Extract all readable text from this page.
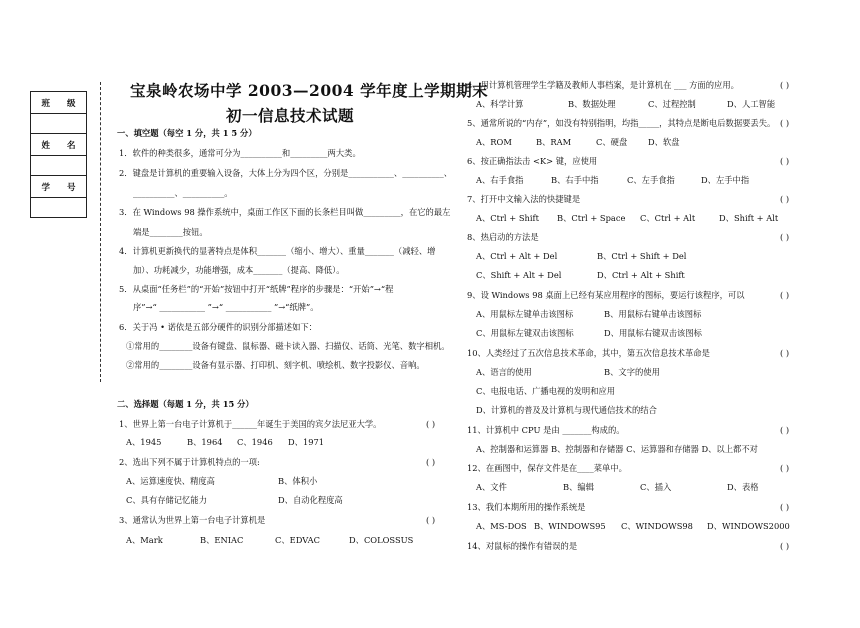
班　　级

姓　　名

学　　号

宝泉岭农场中学 2003—2004 学年度上学期期末
初一信息技术试题
一、填空题（每空 1 分，共 1 5 分）
1．软件的种类很多，通常可分为__________和_________两大类。
2．键盘是计算机的重要输入设备，大体上分为四个区，分别是___________、__________、
__________、__________。
3．在 Windows 98 操作系统中，桌面工作区下面的长条栏目叫做_________，在它的最左
端是________按钮。
4．计算机更新换代的显著特点是体积_______（缩小、增大）、重量_______（减轻、增
加）、功耗减少，功能增强，成本_______（提高、降低）。
5．从桌面“任务栏”的“开始”按钮中打开“纸牌”程序的步骤是：“开始”→“程
序”→“ ___________ ”→“ ___________ ”→“纸牌”。
6．关于冯 • 诺依是五部分硬件的识别分部描述如下：
①常用的________设备有键盘、鼠标器、磁卡读入器、扫描仪、话筒、光笔、数字相机。
②常用的________设备有显示器、打印机、刻字机、喷绘机、数字投影仪、音响。
二、选择题（每题 1 分，共 15 分）
1、世界上第一台电子计算机于______年诞生于美国的宾夕法尼亚大学。	( )
A、1945	B、1964 C、1946 D、1971
2、选出下列不属于计算机特点的一项:	( )
A、运算速度快、精度高	B、体积小
C、具有存储记忆能力	D、自动化程度高
3、通常认为世界上第一台电子计算机是	( )
A、Mark	B、ENIAC	C、EDVAC	D、COLOSSUS
4、用计算机管理学生学籍及教师人事档案，是计算机在 ___ 方面的应用。	( )
A、科学计算	B、数据处理	C、过程控制	D、人工智能
5、通常所说的“内存”，如没有特别指明，均指_____，其特点是断电后数据要丢失。 ( )
A、ROM	B、RAM	C、硬盘	D、软盘
6、按正确指法击 <K> 键，应使用	( )
A、右手食指	B、右手中指	C、左手食指	D、左手中指
7、打开中文输入法的快捷键是	( )
A、Ctrl + Shift B、Ctrl + Space C、Ctrl + Alt	D、Shift + Alt
8、热启动的方法是	( )
A、Ctrl + Alt + Del	B、Ctrl + Shift + Del
C、Shift + Alt + Del	D、Ctrl + Alt + Shift
9、设 Windows 98 桌面上已经有某应用程序的图标，要运行该程序，可以	( )
A、用鼠标左键单击该图标	B、用鼠标右键单击该图标
C、用鼠标左键双击该图标	D、用鼠标右键双击该图标
10、人类经过了五次信息技术革命，其中，第五次信息技术革命是	( )
A、语言的使用	B、文字的使用
C、电报电话、广播电视的发明和应用
D、计算机的普及及计算机与现代通信技术的结合
11、计算机中 CPU 是由 _______构成的。	( )
A、控制器和运算器 B、控制器和存储器 C、运算器和存储器 D、以上都不对
12、在画图中，保存文件是在____菜单中。	( )
A、文件	B、编辑	C、插入	D、表格
13、我们本期所用的操作系统是	( )
A、MS-DOS B、WINDOWS95 C、WINDOWS98 D、WINDOWS2000
14、对鼠标的操作有错误的是	( )
